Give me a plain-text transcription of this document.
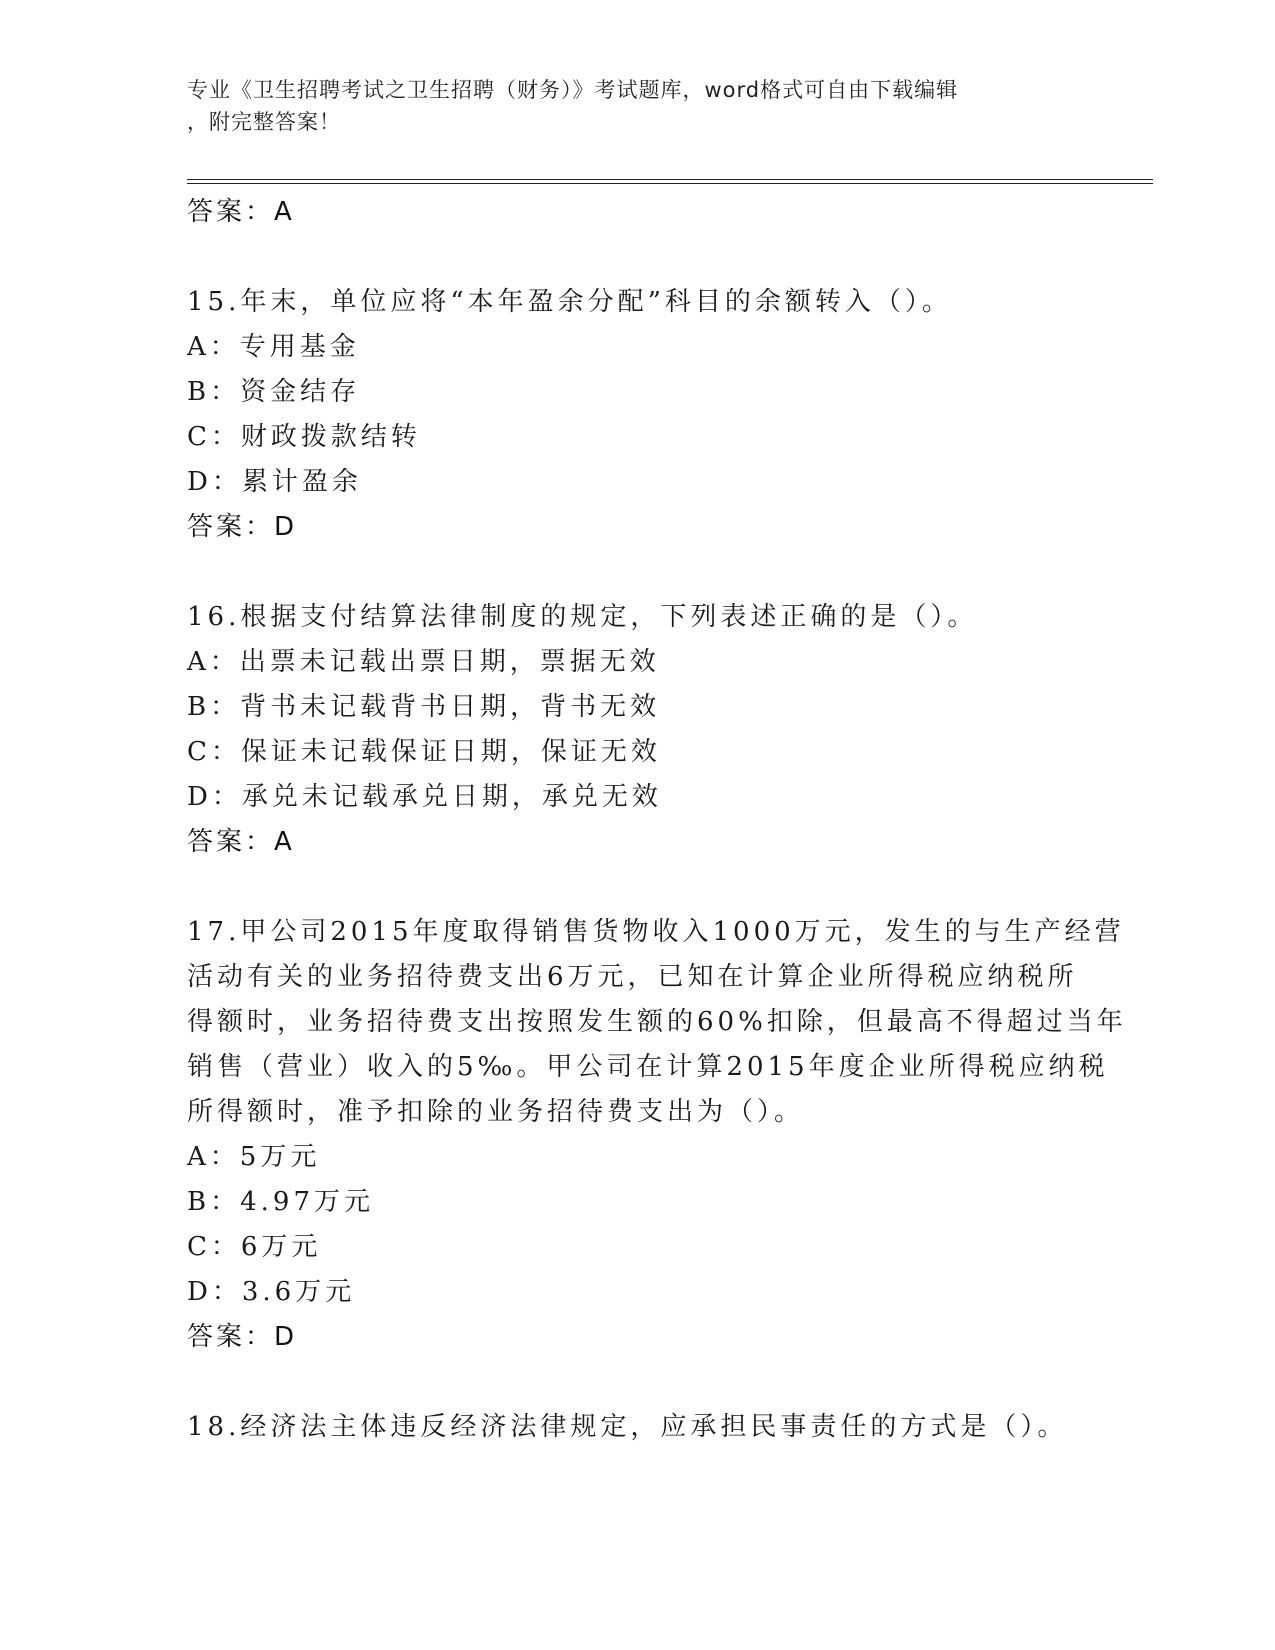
专业《卫生招聘考试之卫生招聘（财务）》考试题库，word格式可自由下载编辑
，附完整答案！
答案：A
15.年末，单位应将“本年盈余分配”科目的余额转入（）。
A：专用基金
B：资金结存
C：财政拨款结转
D：累计盈余
答案：D
16.根据支付结算法律制度的规定，下列表述正确的是（）。
A：出票未记载出票日期，票据无效
B：背书未记载背书日期，背书无效
C：保证未记载保证日期，保证无效
D：承兑未记载承兑日期，承兑无效
答案：A
17.甲公司2015年度取得销售货物收入1000万元，发生的与生产经营
活动有关的业务招待费支出6万元，已知在计算企业所得税应纳税所
得额时，业务招待费支出按照发生额的60%扣除，但最高不得超过当年
销售（营业）收入的5‰。甲公司在计算2015年度企业所得税应纳税
所得额时，准予扣除的业务招待费支出为（）。
A：5万元
B：4.97万元
C：6万元
D：3.6万元
答案：D
18.经济法主体违反经济法律规定，应承担民事责任的方式是（）。
